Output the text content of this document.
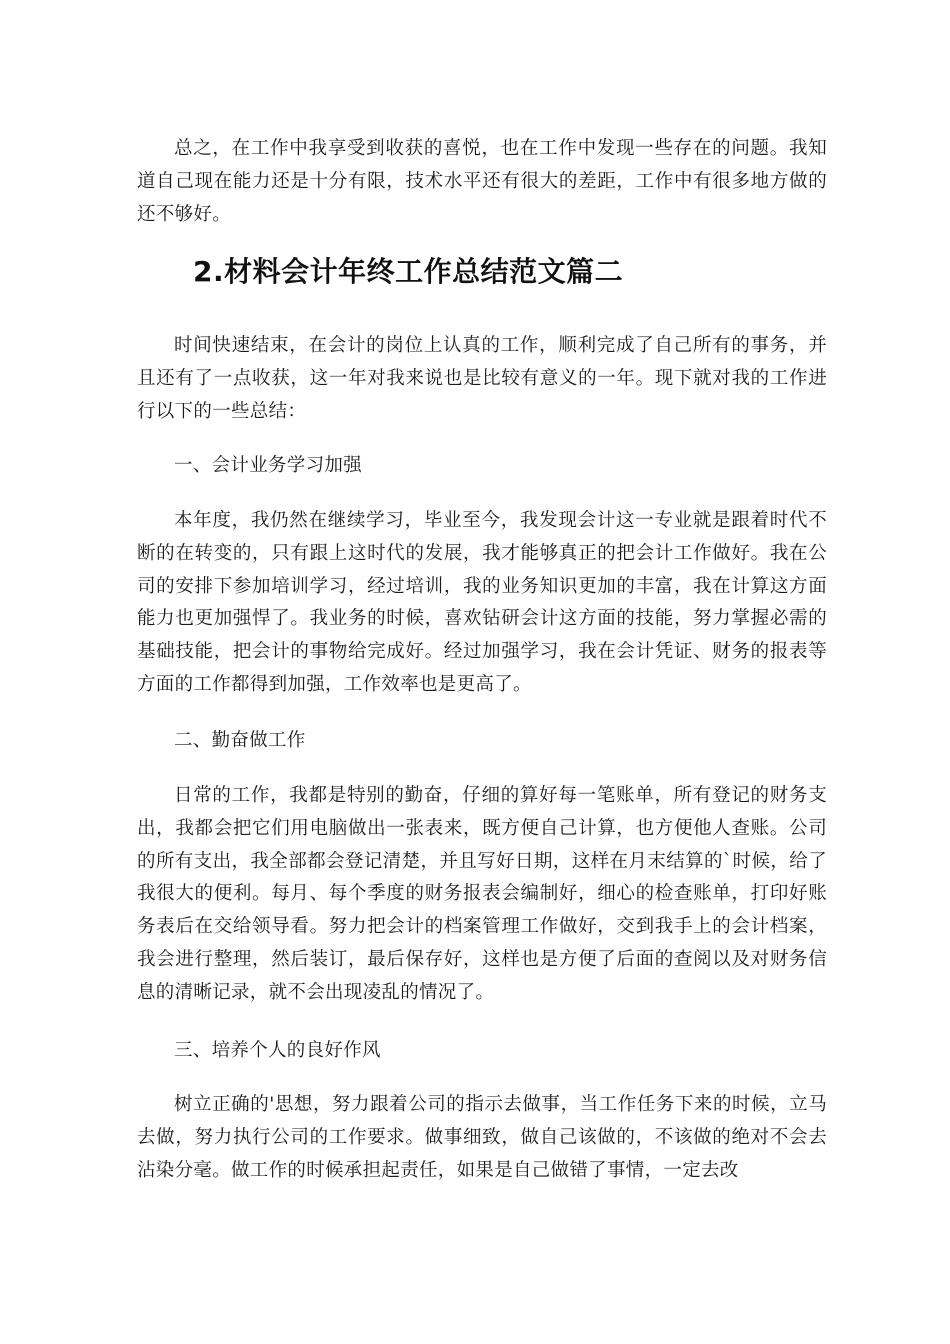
总之，在工作中我享受到收获的喜悦，也在工作中发现一些存在的问题。我知道自己现在能力还是十分有限，技术水平还有很大的差距，工作中有很多地方做的还不够好。

2.材料会计年终工作总结范文篇二

时间快速结束，在会计的岗位上认真的工作，顺利完成了自己所有的事务，并且还有了一点收获，这一年对我来说也是比较有意义的一年。现下就对我的工作进行以下的一些总结：

一、会计业务学习加强

本年度，我仍然在继续学习，毕业至今，我发现会计这一专业就是跟着时代不断的在转变的，只有跟上这时代的发展，我才能够真正的把会计工作做好。我在公司的安排下参加培训学习，经过培训，我的业务知识更加的丰富，我在计算这方面能力也更加强悍了。我业务的时候，喜欢钻研会计这方面的技能，努力掌握必需的基础技能，把会计的事物给完成好。经过加强学习，我在会计凭证、财务的报表等方面的工作都得到加强，工作效率也是更高了。

二、勤奋做工作

日常的工作，我都是特别的勤奋，仔细的算好每一笔账单，所有登记的财务支出，我都会把它们用电脑做出一张表来，既方便自己计算，也方便他人查账。公司的所有支出，我全部都会登记清楚，并且写好日期，这样在月末结算的`时候，给了我很大的便利。每月、每个季度的财务报表会编制好，细心的检查账单，打印好账务表后在交给领导看。努力把会计的档案管理工作做好，交到我手上的会计档案，我会进行整理，然后装订，最后保存好，这样也是方便了后面的查阅以及对财务信息的清晰记录，就不会出现凌乱的情况了。

三、培养个人的良好作风

树立正确的'思想，努力跟着公司的指示去做事，当工作任务下来的时候，立马去做，努力执行公司的工作要求。做事细致，做自己该做的，不该做的绝对不会去沾染分毫。做工作的时候承担起责任，如果是自己做错了事情，一定去改
